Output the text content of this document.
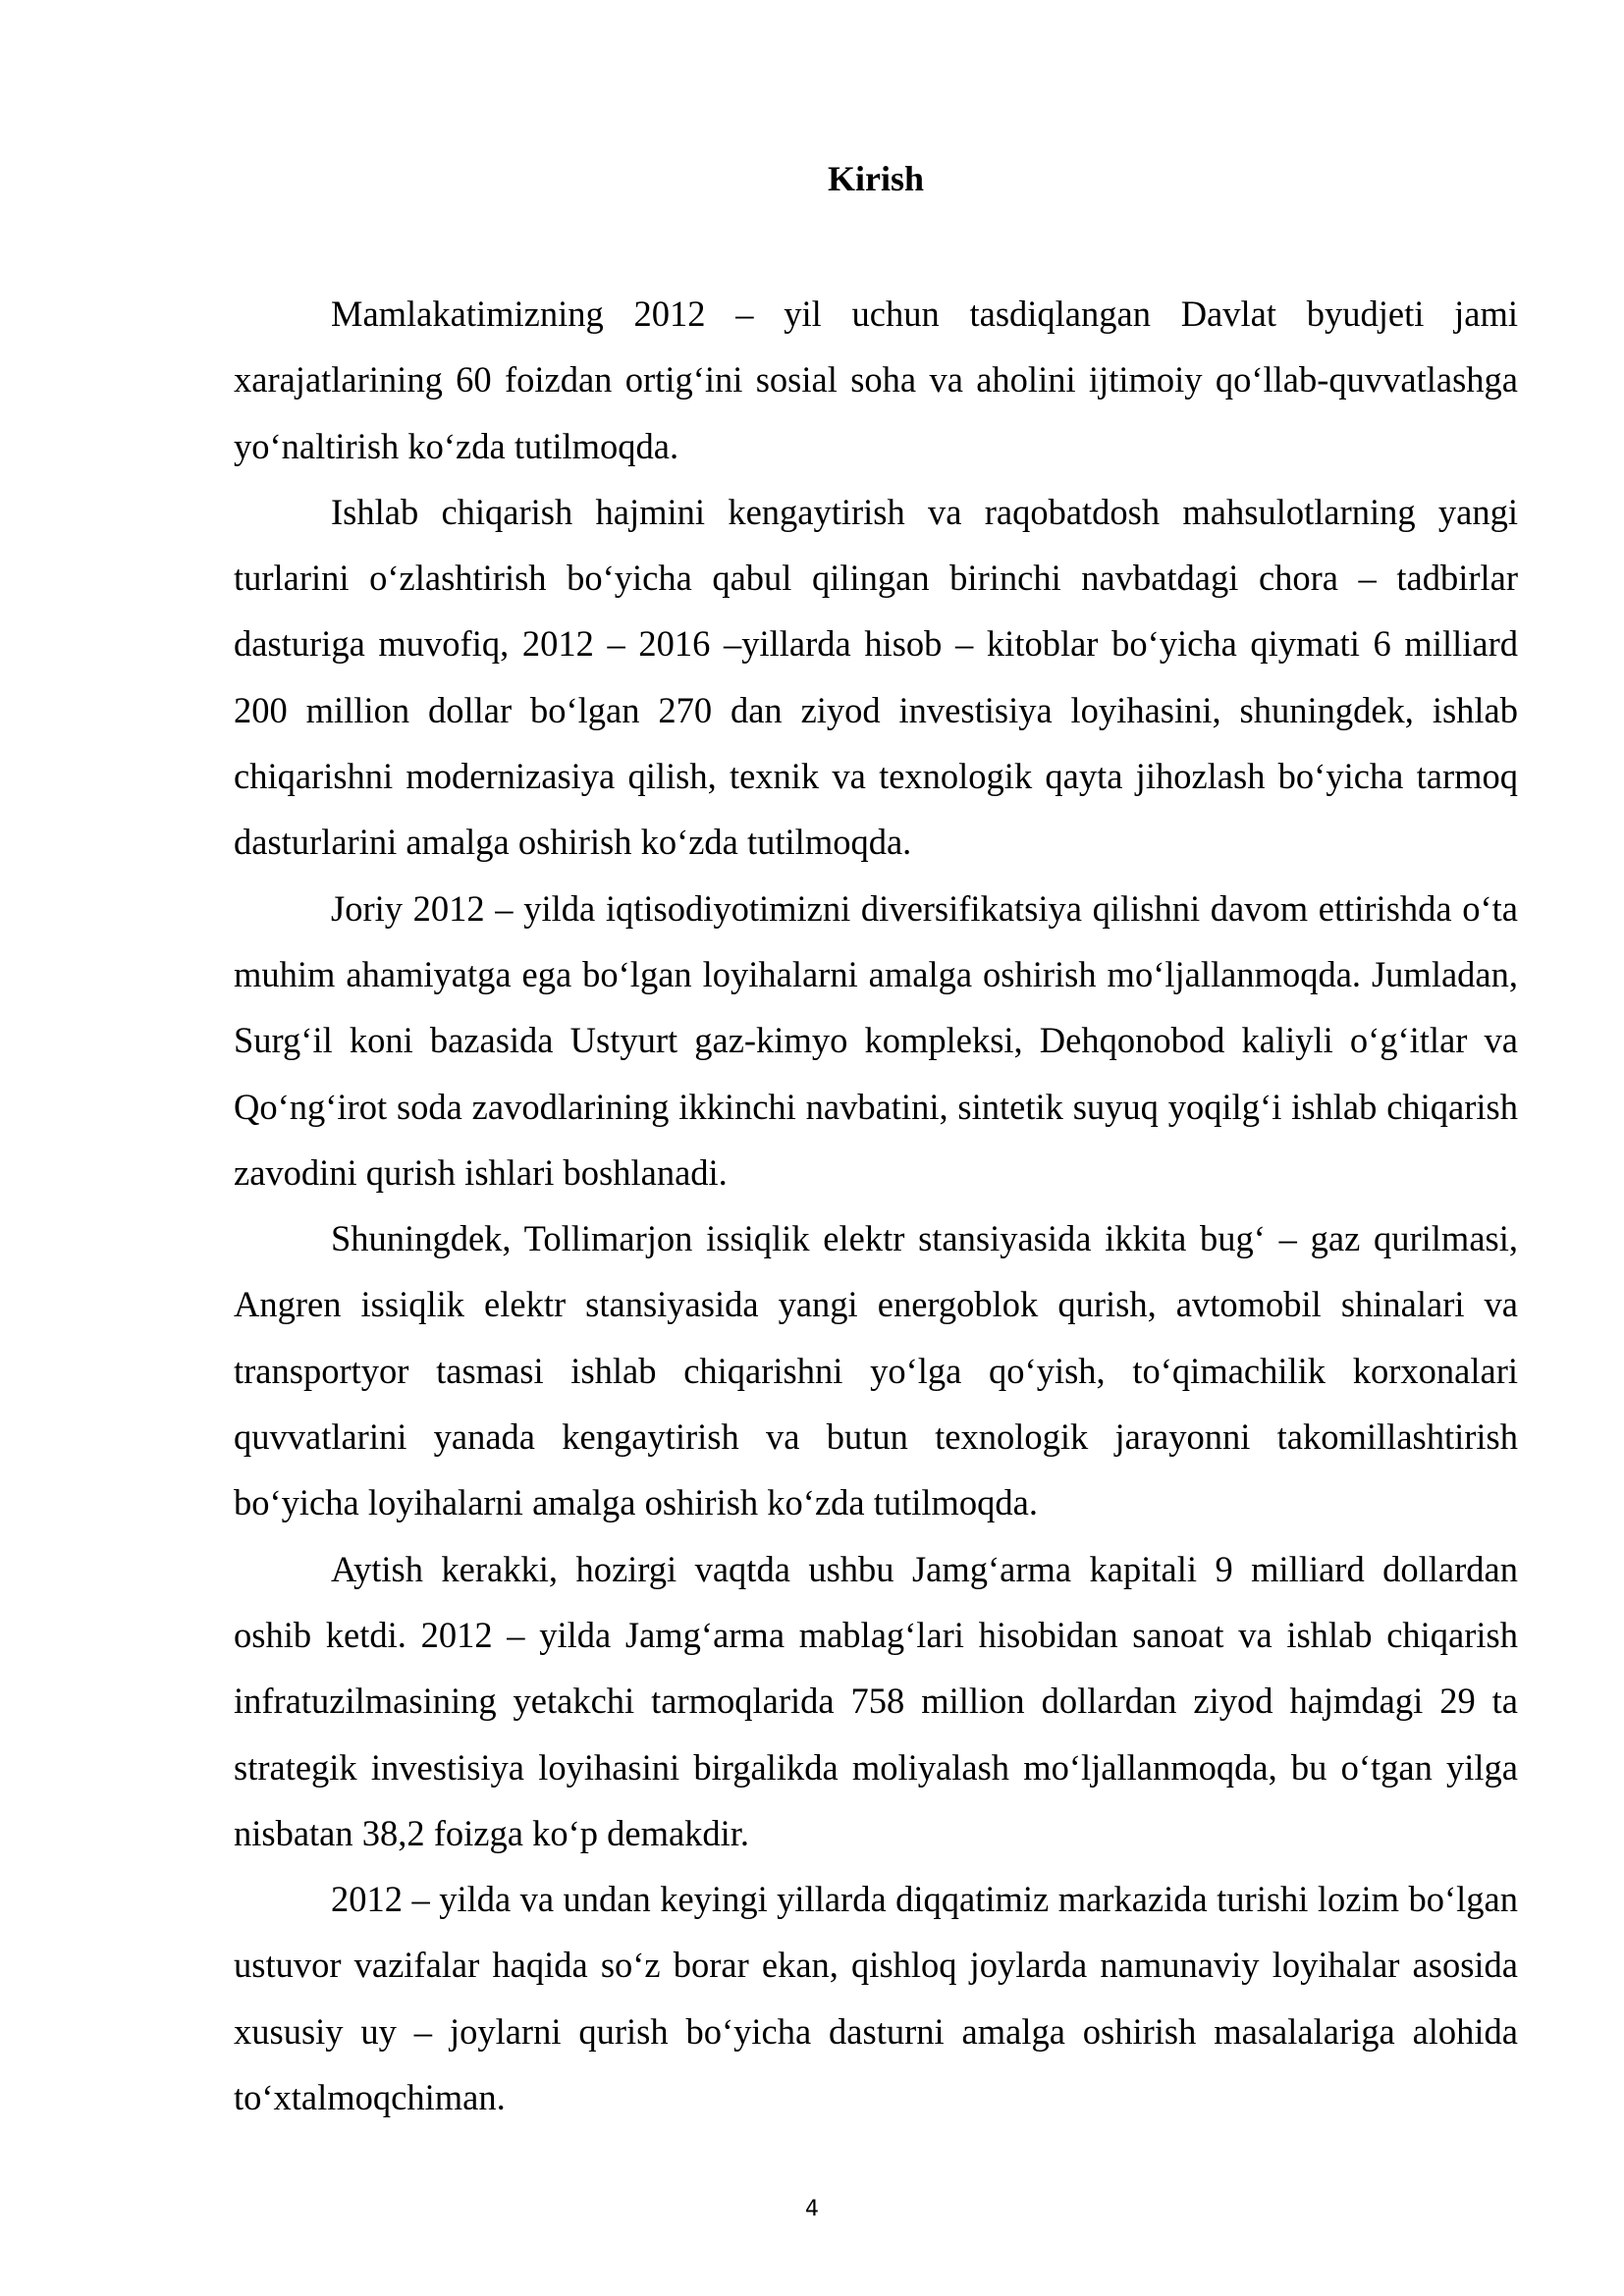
Kirish

Mamlakatimizning 2012 – yil uchun tasdiqlangan Davlat byudjeti jami xarajatlarining 60 foizdan ortig‘ini sosial soha va aholini ijtimoiy qo‘llab-quvvatlashga yo‘naltirish ko‘zda tutilmoqda.

Ishlab chiqarish hajmini kengaytirish va raqobatdosh mahsulotlarning yangi turlarini o‘zlashtirish bo‘yicha qabul qilingan birinchi navbatdagi chora – tadbirlar dasturiga muvofiq, 2012 – 2016 –yillarda hisob – kitoblar bo‘yicha qiymati 6 milliard 200 million dollar bo‘lgan 270 dan ziyod investisiya loyihasini, shuningdek, ishlab chiqarishni modernizasiya qilish, texnik va texnologik qayta jihozlash bo‘yicha tarmoq dasturlarini amalga oshirish ko‘zda tutilmoqda.

Joriy 2012 – yilda iqtisodiyotimizni diversifikatsiya qilishni davom ettirishda o‘ta muhim ahamiyatga ega bo‘lgan loyihalarni amalga oshirish mo‘ljallanmoqda. Jumladan, Surg‘il koni bazasida Ustyurt gaz-kimyo kompleksi, Dehqonobod kaliyli o‘g‘itlar va Qo‘ng‘irot soda zavodlarining ikkinchi navbatini, sintetik suyuq yoqilg‘i ishlab chiqarish zavodini qurish ishlari boshlanadi.

Shuningdek, Tollimarjon issiqlik elektr stansiyasida ikkita bug‘ – gaz qurilmasi, Angren issiqlik elektr stansiyasida yangi energoblok qurish, avtomobil shinalari va transportyor tasmasi ishlab chiqarishni yo‘lga qo‘yish, to‘qimachilik korxonalari quvvatlarini yanada kengaytirish va butun texnologik jarayonni takomillashtirish bo‘yicha loyihalarni amalga oshirish ko‘zda tutilmoqda.

Aytish kerakki, hozirgi vaqtda ushbu Jamg‘arma kapitali 9 milliard dollardan oshib ketdi. 2012 – yilda Jamg‘arma mablag‘lari hisobidan sanoat va ishlab chiqarish infratuzilmasining yetakchi tarmoqlarida 758 million dollardan ziyod hajmdagi 29 ta strategik investisiya loyihasini birgalikda moliyalash mo‘ljallanmoqda, bu o‘tgan yilga nisbatan 38,2 foizga ko‘p demakdir.

2012 – yilda va undan keyingi yillarda diqqatimiz markazida turishi lozim bo‘lgan ustuvor vazifalar haqida so‘z borar ekan, qishloq joylarda namunaviy loyihalar asosida xususiy uy – joylarni qurish bo‘yicha dasturni amalga oshirish masalalariga alohida to‘xtalmoqchiman.

4
